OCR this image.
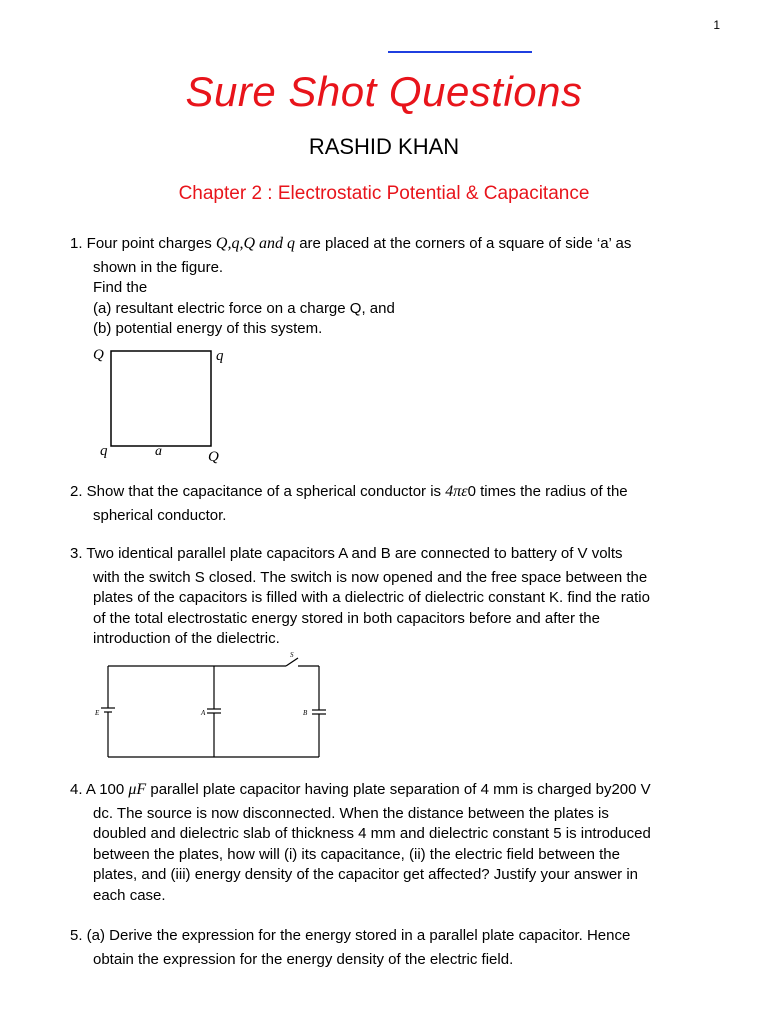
1
Sure Shot Questions
RASHID KHAN
Chapter 2 : Electrostatic Potential & Capacitance
1. Four point charges Q,q,Q and q are placed at the corners of a square of side ‘a’ as
shown in the figure.
Find the
(a) resultant electric force on a charge Q, and
(b) potential energy of this system.
Q	q
q	a	Q
2. Show that the capacitance of a spherical conductor is 4πε0 times the radius of the
spherical conductor.
3. Two identical parallel plate capacitors A and B are connected to battery of V volts
with the switch S closed. The switch is now opened and the free space between the
plates of the capacitors is filled with a dielectric of dielectric constant K. find the ratio
of the total electrostatic energy stored in both capacitors before and after the
introduction of the dielectric.
S
E	A	B
4. A 100 μF parallel plate capacitor having plate separation of 4 mm is charged by200 V
dc. The source is now disconnected. When the distance between the plates is
doubled and dielectric slab of thickness 4 mm and dielectric constant 5 is introduced
between the plates, how will (i) its capacitance, (ii) the electric field between the
plates, and (iii) energy density of the capacitor get affected? Justify your answer in
each case.
5. (a) Derive the expression for the energy stored in a parallel plate capacitor. Hence
obtain the expression for the energy density of the electric field.
